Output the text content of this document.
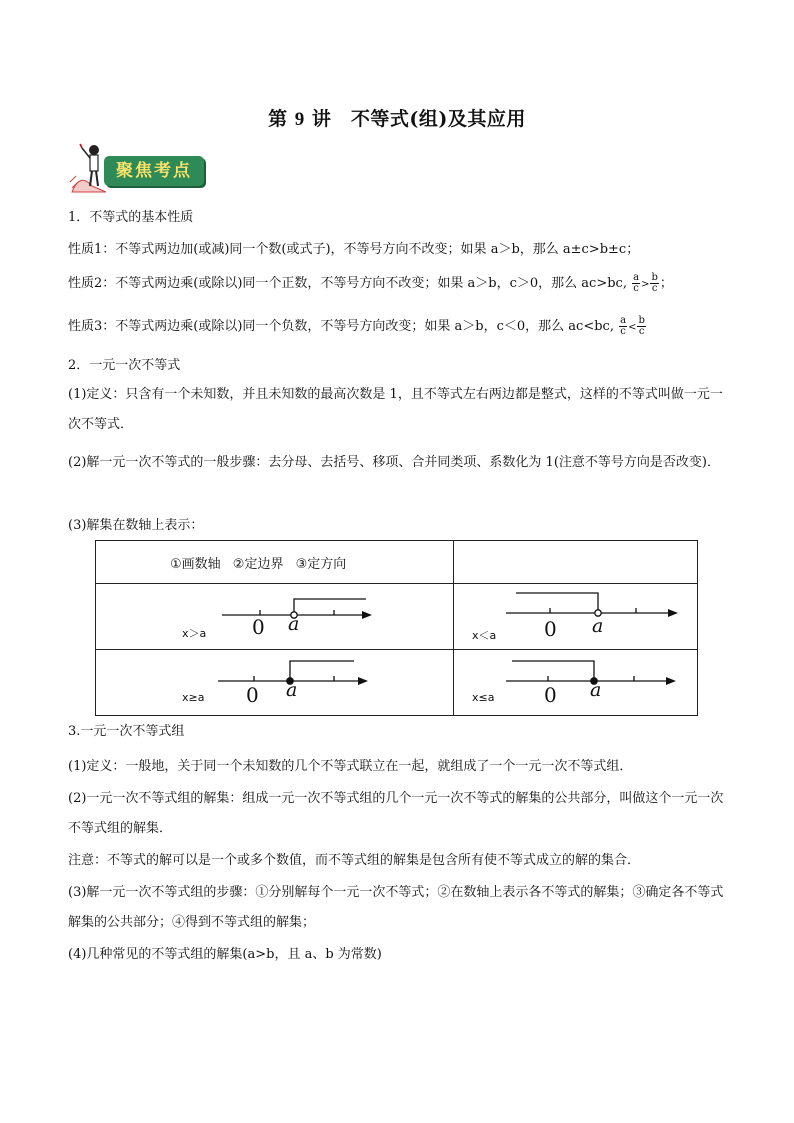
第 9 讲　不等式(组)及其应用
聚焦考点
1．不等式的基本性质
性质1：不等式两边加(或减)同一个数(或式子)，不等号方向不改变；如果 a＞b，那么 a±c>b±c；
性质2：不等式两边乘(或除以)同一个正数，不等号方向不改变；如果 a＞b，c＞0，那么 ac>bc, $\frac{a}{c} > \frac{b}{c}$ ；
性质3：不等式两边乘(或除以)同一个负数，不等号方向改变；如果 a＞b，c＜0，那么 ac<bc, $\frac{a}{c} < \frac{b}{c}$
2．一元一次不等式
(1)定义：只含有一个未知数，并且未知数的最高次数是 1，且不等式左右两边都是整式，这样的不等式叫做一元一次不等式．
(2)解一元一次不等式的一般步骤：去分母、去括号、移项、合并同类项、系数化为 1(注意不等号方向是否改变)．
(3)解集在数轴上表示：
①画数轴 ②定边界 ③定方向
x＞a 0 a
x＜a 0 a
x≥a 0 a	x≤a 0 a
3.一元一次不等式组
(1)定义：一般地，关于同一个未知数的几个不等式联立在一起，就组成了一个一元一次不等式组．
(2)一元一次不等式组的解集：组成一元一次不等式组的几个一元一次不等式的解集的公共部分，叫做这个一元一次不等式组的解集．
注意：不等式的解可以是一个或多个数值，而不等式组的解集是包含所有使不等式成立的解的集合．
(3)解一元一次不等式组的步骤：①分别解每个一元一次不等式；②在数轴上表示各不等式的解集；③确定各不等式解集的公共部分；④得到不等式组的解集；
(4)几种常见的不等式组的解集(a>b，且 a、b 为常数)
